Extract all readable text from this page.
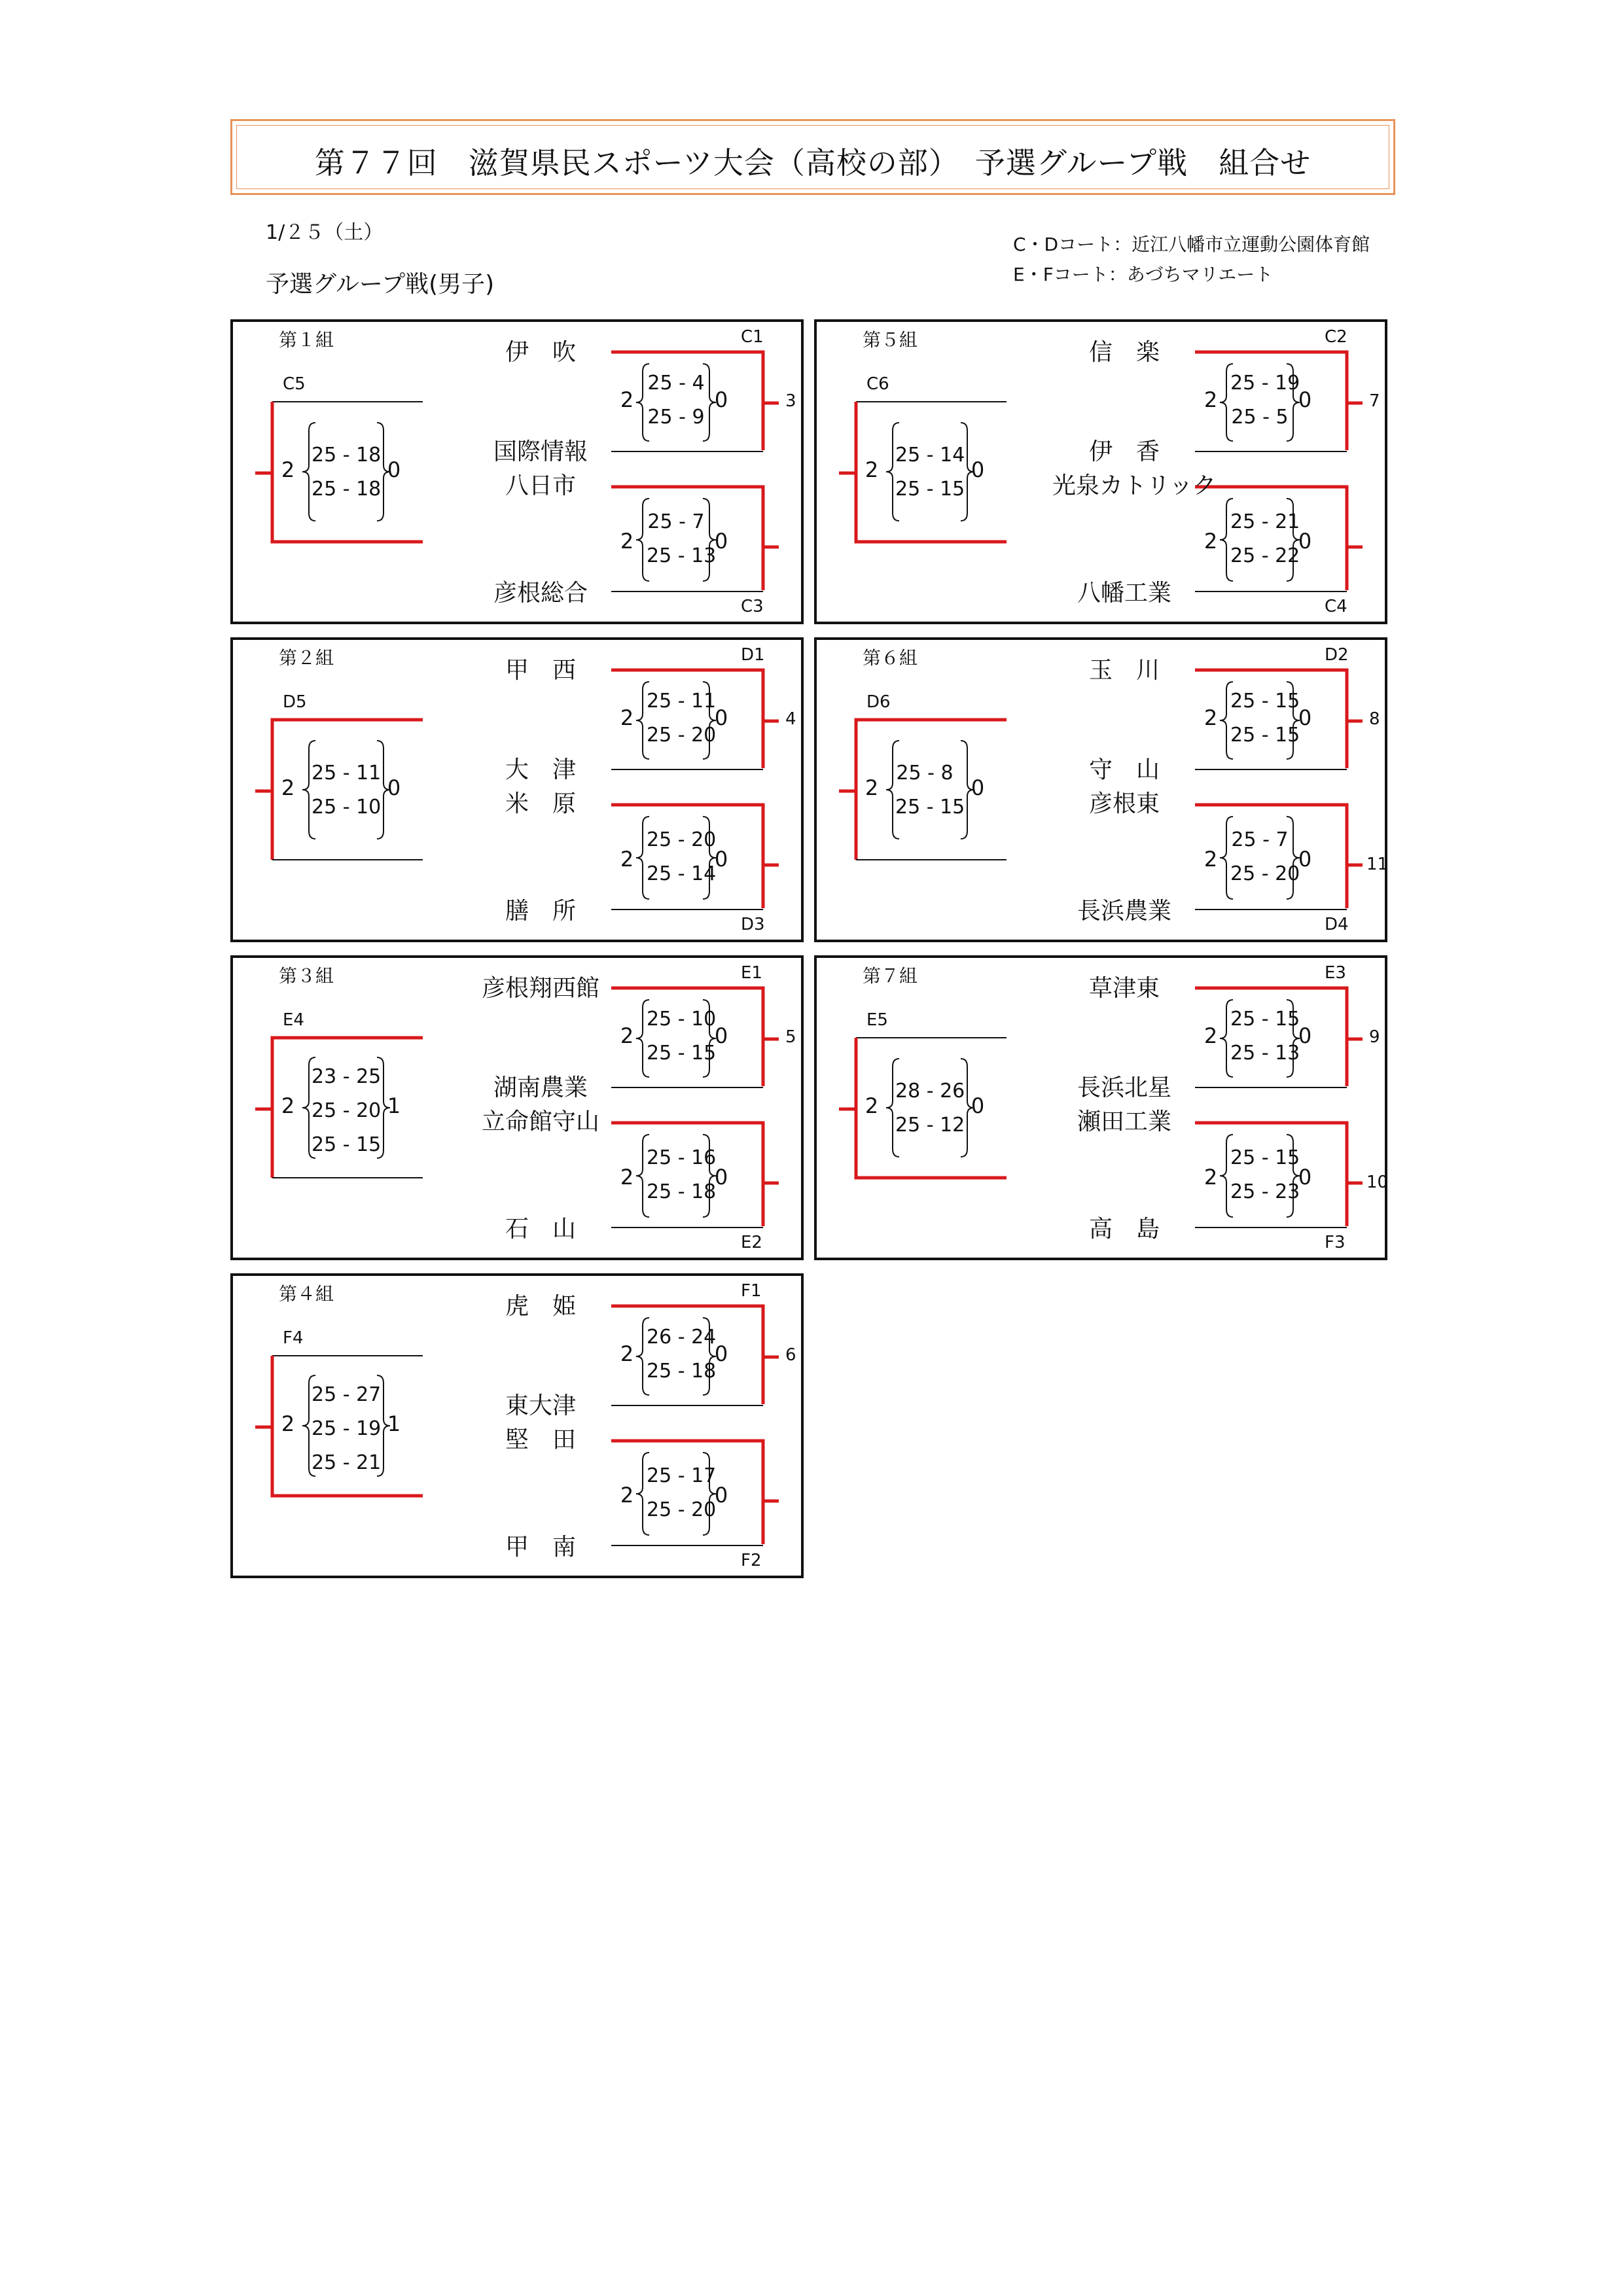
第７７回　滋賀県民スポーツ大会（高校の部）　予選グループ戦　組合せ
1/２５（土）
C・Dコート：近江八幡市立運動公園体育館
E・Fコート：あづちマリエート
予選グループ戦(男子)
第１組	伊　吹
国際情報
八日市
彦根総合
C1
2	0
25 - 4
25 - 9
3
C3
2	0
25 - 7
25 - 13
C5
2	0
25 - 18
25 - 18
第２組	甲　西
大　津
米　原
膳　所
D1
2	0
25 - 11
25 - 20
4
D3
2	0
25 - 20
25 - 14
D5
2	0
25 - 11
25 - 10
第３組	彦根翔西館
湖南農業
立命館守山
石　山
E1
2	0
25 - 10
25 - 15
5
E2
2	0
25 - 16
25 - 18
E4
2	1
23 - 25
25 - 20
25 - 15
第４組	虎　姫
東大津
堅　田
甲　南
F1
2	0
26 - 24
25 - 18
6
F2
2	0
25 - 17
25 - 20
F4
2	1
25 - 27
25 - 19
25 - 21
第５組	信　楽
伊　香
光泉カトリック
八幡工業
C2
2	0
25 - 19
25 - 5
7
C4
2	0
25 - 21
25 - 22
C6
2	0
25 - 14
25 - 15
第６組	玉　川
守　山
彦根東
長浜農業
D2
2	0
25 - 15
25 - 15
8
D4
2	0
25 - 7
25 - 20	11
D6
2	0
25 - 8
25 - 15
第７組	草津東
長浜北星
瀬田工業
高　島
E3
2	0
25 - 15
25 - 13
9
F3
2	0
25 - 15
25 - 23	10
E5
2	0
28 - 26
25 - 12
